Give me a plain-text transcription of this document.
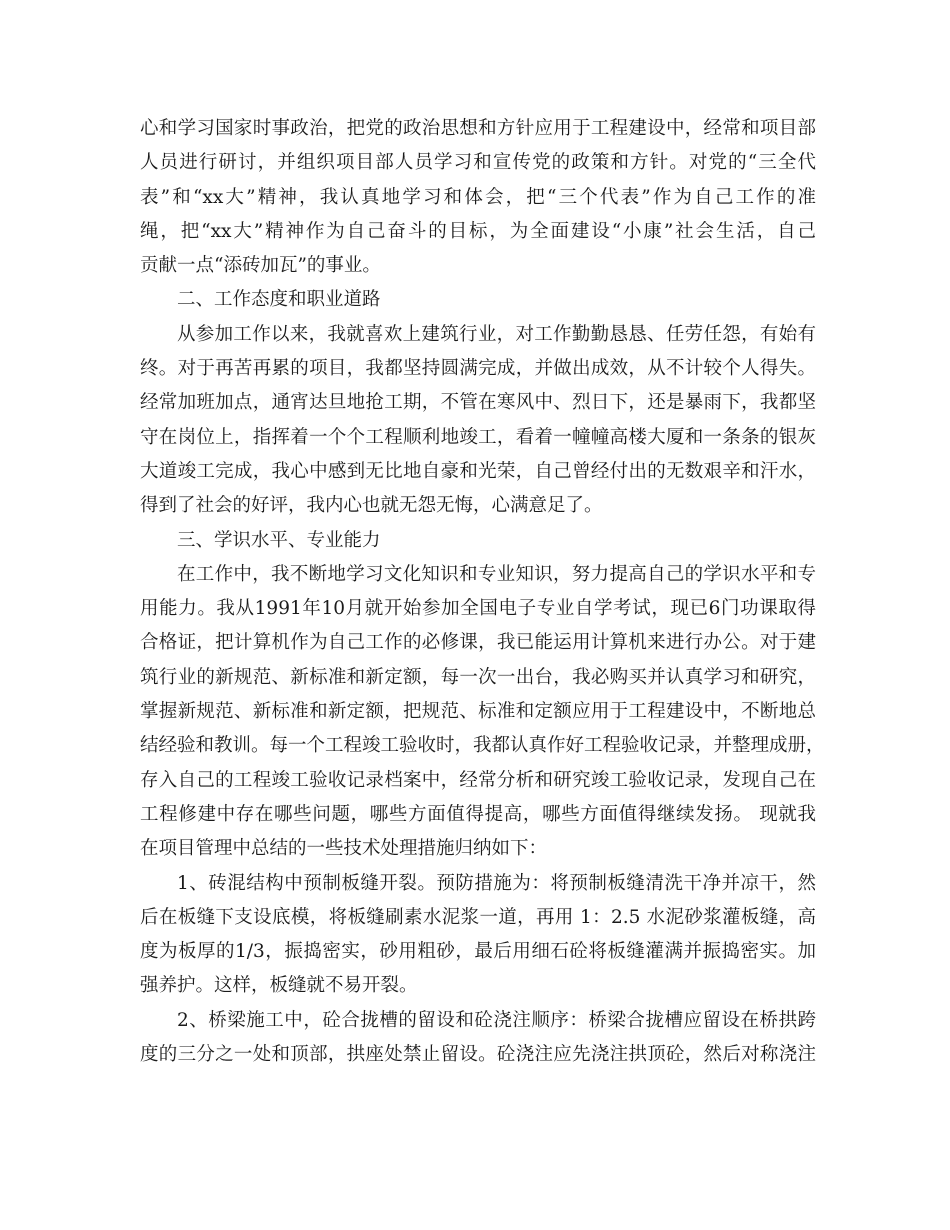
心和学习国家时事政治，把党的政治思想和方针应用于工程建设中，经常和项目部
人员进行研讨，并组织项目部人员学习和宣传党的政策和方针。对党的“三全代
表”和“xx大”精神，我认真地学习和体会，把“三个代表”作为自己工作的准
绳，把“xx大”精神作为自己奋斗的目标，为全面建设“小康”社会生活，自己
贡献一点“添砖加瓦”的事业。
二、工作态度和职业道路
从参加工作以来，我就喜欢上建筑行业，对工作勤勤恳恳、任劳任怨，有始有
终。对于再苦再累的项目，我都坚持圆满完成，并做出成效，从不计较个人得失。
经常加班加点，通宵达旦地抢工期，不管在寒风中、烈日下，还是暴雨下，我都坚
守在岗位上，指挥着一个个工程顺利地竣工，看着一幢幢高楼大厦和一条条的银灰
大道竣工完成，我心中感到无比地自豪和光荣，自己曾经付出的无数艰辛和汗水，
得到了社会的好评，我内心也就无怨无悔，心满意足了。
三、学识水平、专业能力
在工作中，我不断地学习文化知识和专业知识，努力提高自己的学识水平和专
用能力。我从1991年10月就开始参加全国电子专业自学考试，现已6门功课取得
合格证，把计算机作为自己工作的必修课，我已能运用计算机来进行办公。对于建
筑行业的新规范、新标准和新定额，每一次一出台，我必购买并认真学习和研究，
掌握新规范、新标准和新定额，把规范、标准和定额应用于工程建设中，不断地总
结经验和教训。每一个工程竣工验收时，我都认真作好工程验收记录，并整理成册，
存入自己的工程竣工验收记录档案中，经常分析和研究竣工验收记录，发现自己在
工程修建中存在哪些问题，哪些方面值得提高，哪些方面值得继续发扬。 现就我
在项目管理中总结的一些技术处理措施归纳如下：
1、砖混结构中预制板缝开裂。预防措施为：将预制板缝清洗干净并凉干，然
后在板缝下支设底模，将板缝刷素水泥浆一道，再用 1：2.5 水泥砂浆灌板缝，高
度为板厚的1/3，振捣密实，砂用粗砂，最后用细石砼将板缝灌满并振捣密实。加
强养护。这样，板缝就不易开裂。
2、桥梁施工中，砼合拢槽的留设和砼浇注顺序：桥梁合拢槽应留设在桥拱跨
度的三分之一处和顶部，拱座处禁止留设。砼浇注应先浇注拱顶砼，然后对称浇注
